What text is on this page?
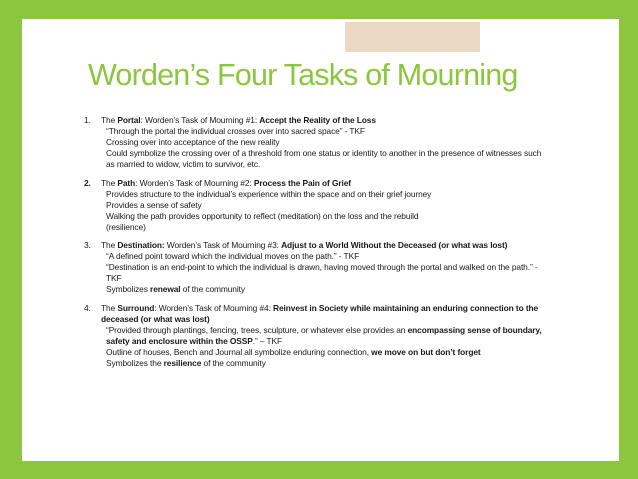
Worden’s Four Tasks of Mourning
1. The Portal: Worden’s Task of Mourning #1: Accept the Reality of the Loss
“Through the portal the individual crosses over into sacred space” - TKF
Crossing over into acceptance of the new reality
Could symbolize the crossing over of a threshold from one status or identity to another in the presence of witnesses such as married to widow, victim to survivor, etc.
2. The Path: Worden’s Task of Mourning #2: Process the Pain of Grief
Provides structure to the individual’s experience within the space and on their grief journey
Provides a sense of safety
Walking the path provides opportunity to reflect (meditation) on the loss and the rebuild
(resilience)
3. The Destination: Worden’s Task of Mourning #3: Adjust to a World Without the Deceased (or what was lost)
“A defined point toward which the individual moves on the path.” - TKF
“Destination is an end-point to which the individual is drawn, having moved through the portal and walked on the path.” - TKF
Symbolizes renewal of the community
4. The Surround: Worden’s Task of Mourning #4: Reinvest in Society while maintaining an enduring connection to the deceased (or what was lost)
“Provided through plantings, fencing, trees, sculpture, or whatever else provides an encompassing sense of boundary, safety and enclosure within the OSSP.” – TKF
Outline of houses, Bench and Journal all symbolize enduring connection, we move on but don’t forget
Symbolizes the resilience of the community
